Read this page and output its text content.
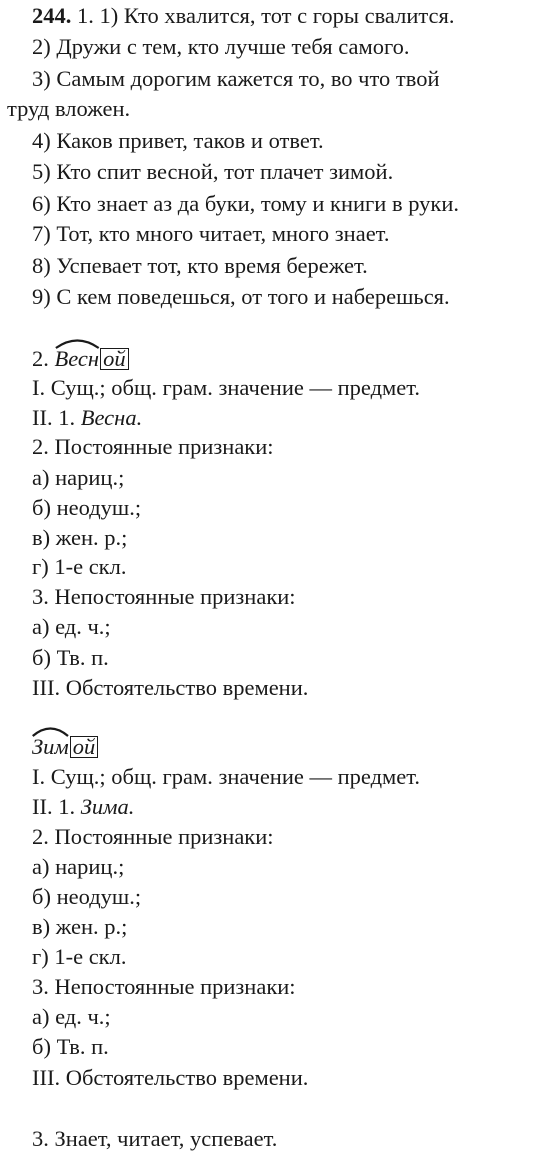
244. 1. 1) Кто хвалится, тот с горы свалится.
2) Дружи с тем, кто лучше тебя самого.
3) Самым дорогим кажется то, во что твой
труд вложен.
4) Каков привет, таков и ответ.
5) Кто спит весной, тот плачет зимой.
6) Кто знает аз да буки, тому и книги в руки.
7) Тот, кто много читает, много знает.
8) Успевает тот, кто время бережет.
9) С кем поведешься, от того и наберешься.
2. Весн ой
I. Сущ.; общ. грам. значение — предмет.
II. 1. Весна.
2. Постоянные признаки:
а) нариц.;
б) неодуш.;
в) жен. р.;
г) 1-е скл.
3. Непостоянные признаки:
а) ед. ч.;
б) Тв. п.
III. Обстоятельство времени.
Зим ой
I. Сущ.; общ. грам. значение — предмет.
II. 1. Зима.
2. Постоянные признаки:
а) нариц.;
б) неодуш.;
в) жен. р.;
г) 1-е скл.
3. Непостоянные признаки:
а) ед. ч.;
б) Тв. п.
III. Обстоятельство времени.
3. Знает, читает, успевает.
